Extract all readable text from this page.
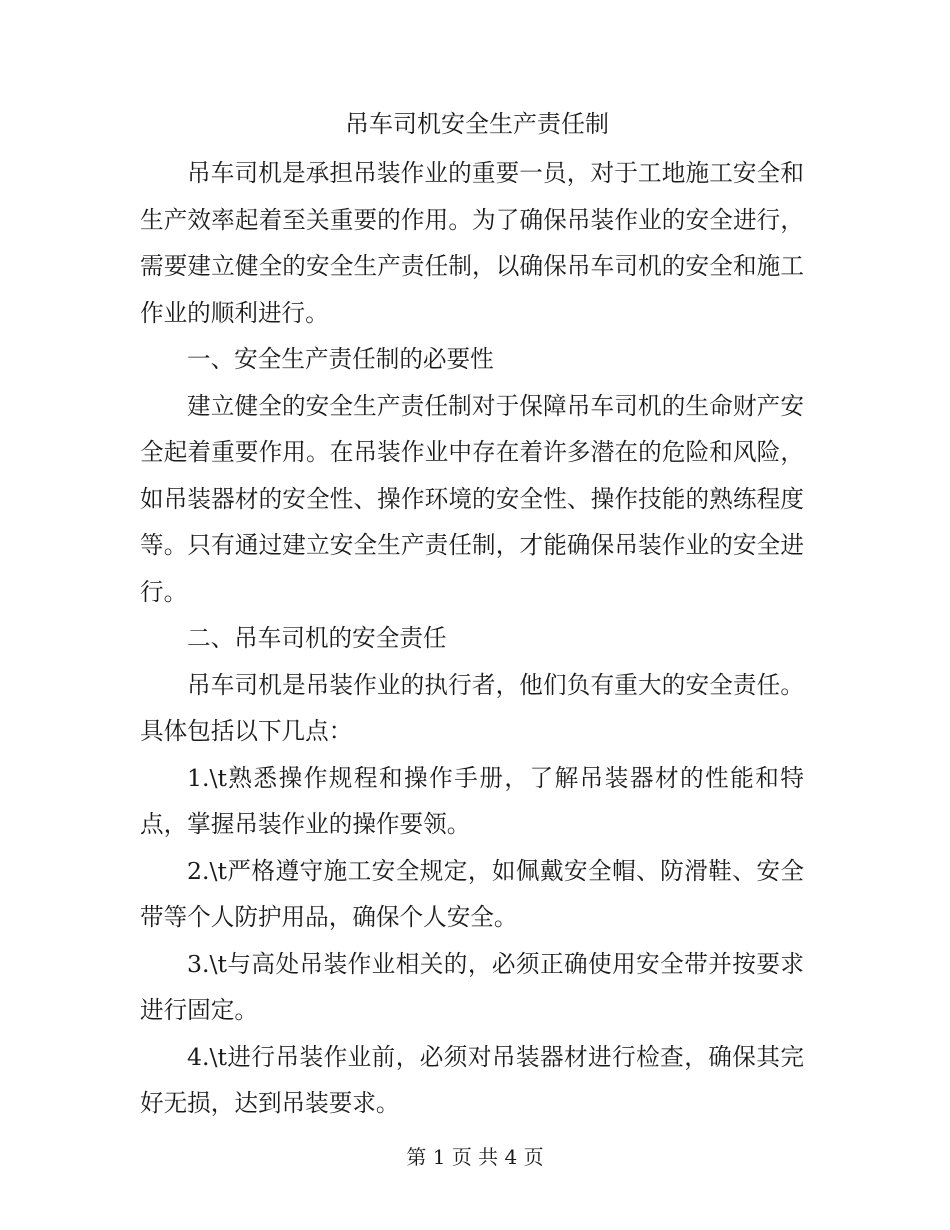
吊车司机安全生产责任制

吊车司机是承担吊装作业的重要一员，对于工地施工安全和生产效率起着至关重要的作用。为了确保吊装作业的安全进行，需要建立健全的安全生产责任制，以确保吊车司机的安全和施工作业的顺利进行。

一、安全生产责任制的必要性

建立健全的安全生产责任制对于保障吊车司机的生命财产安全起着重要作用。在吊装作业中存在着许多潜在的危险和风险，如吊装器材的安全性、操作环境的安全性、操作技能的熟练程度等。只有通过建立安全生产责任制，才能确保吊装作业的安全进行。

二、吊车司机的安全责任

吊车司机是吊装作业的执行者，他们负有重大的安全责任。具体包括以下几点：

1.\t熟悉操作规程和操作手册，了解吊装器材的性能和特点，掌握吊装作业的操作要领。

2.\t严格遵守施工安全规定，如佩戴安全帽、防滑鞋、安全带等个人防护用品，确保个人安全。

3.\t与高处吊装作业相关的，必须正确使用安全带并按要求进行固定。

4.\t进行吊装作业前，必须对吊装器材进行检查，确保其完好无损，达到吊装要求。

第 1 页 共 4 页
